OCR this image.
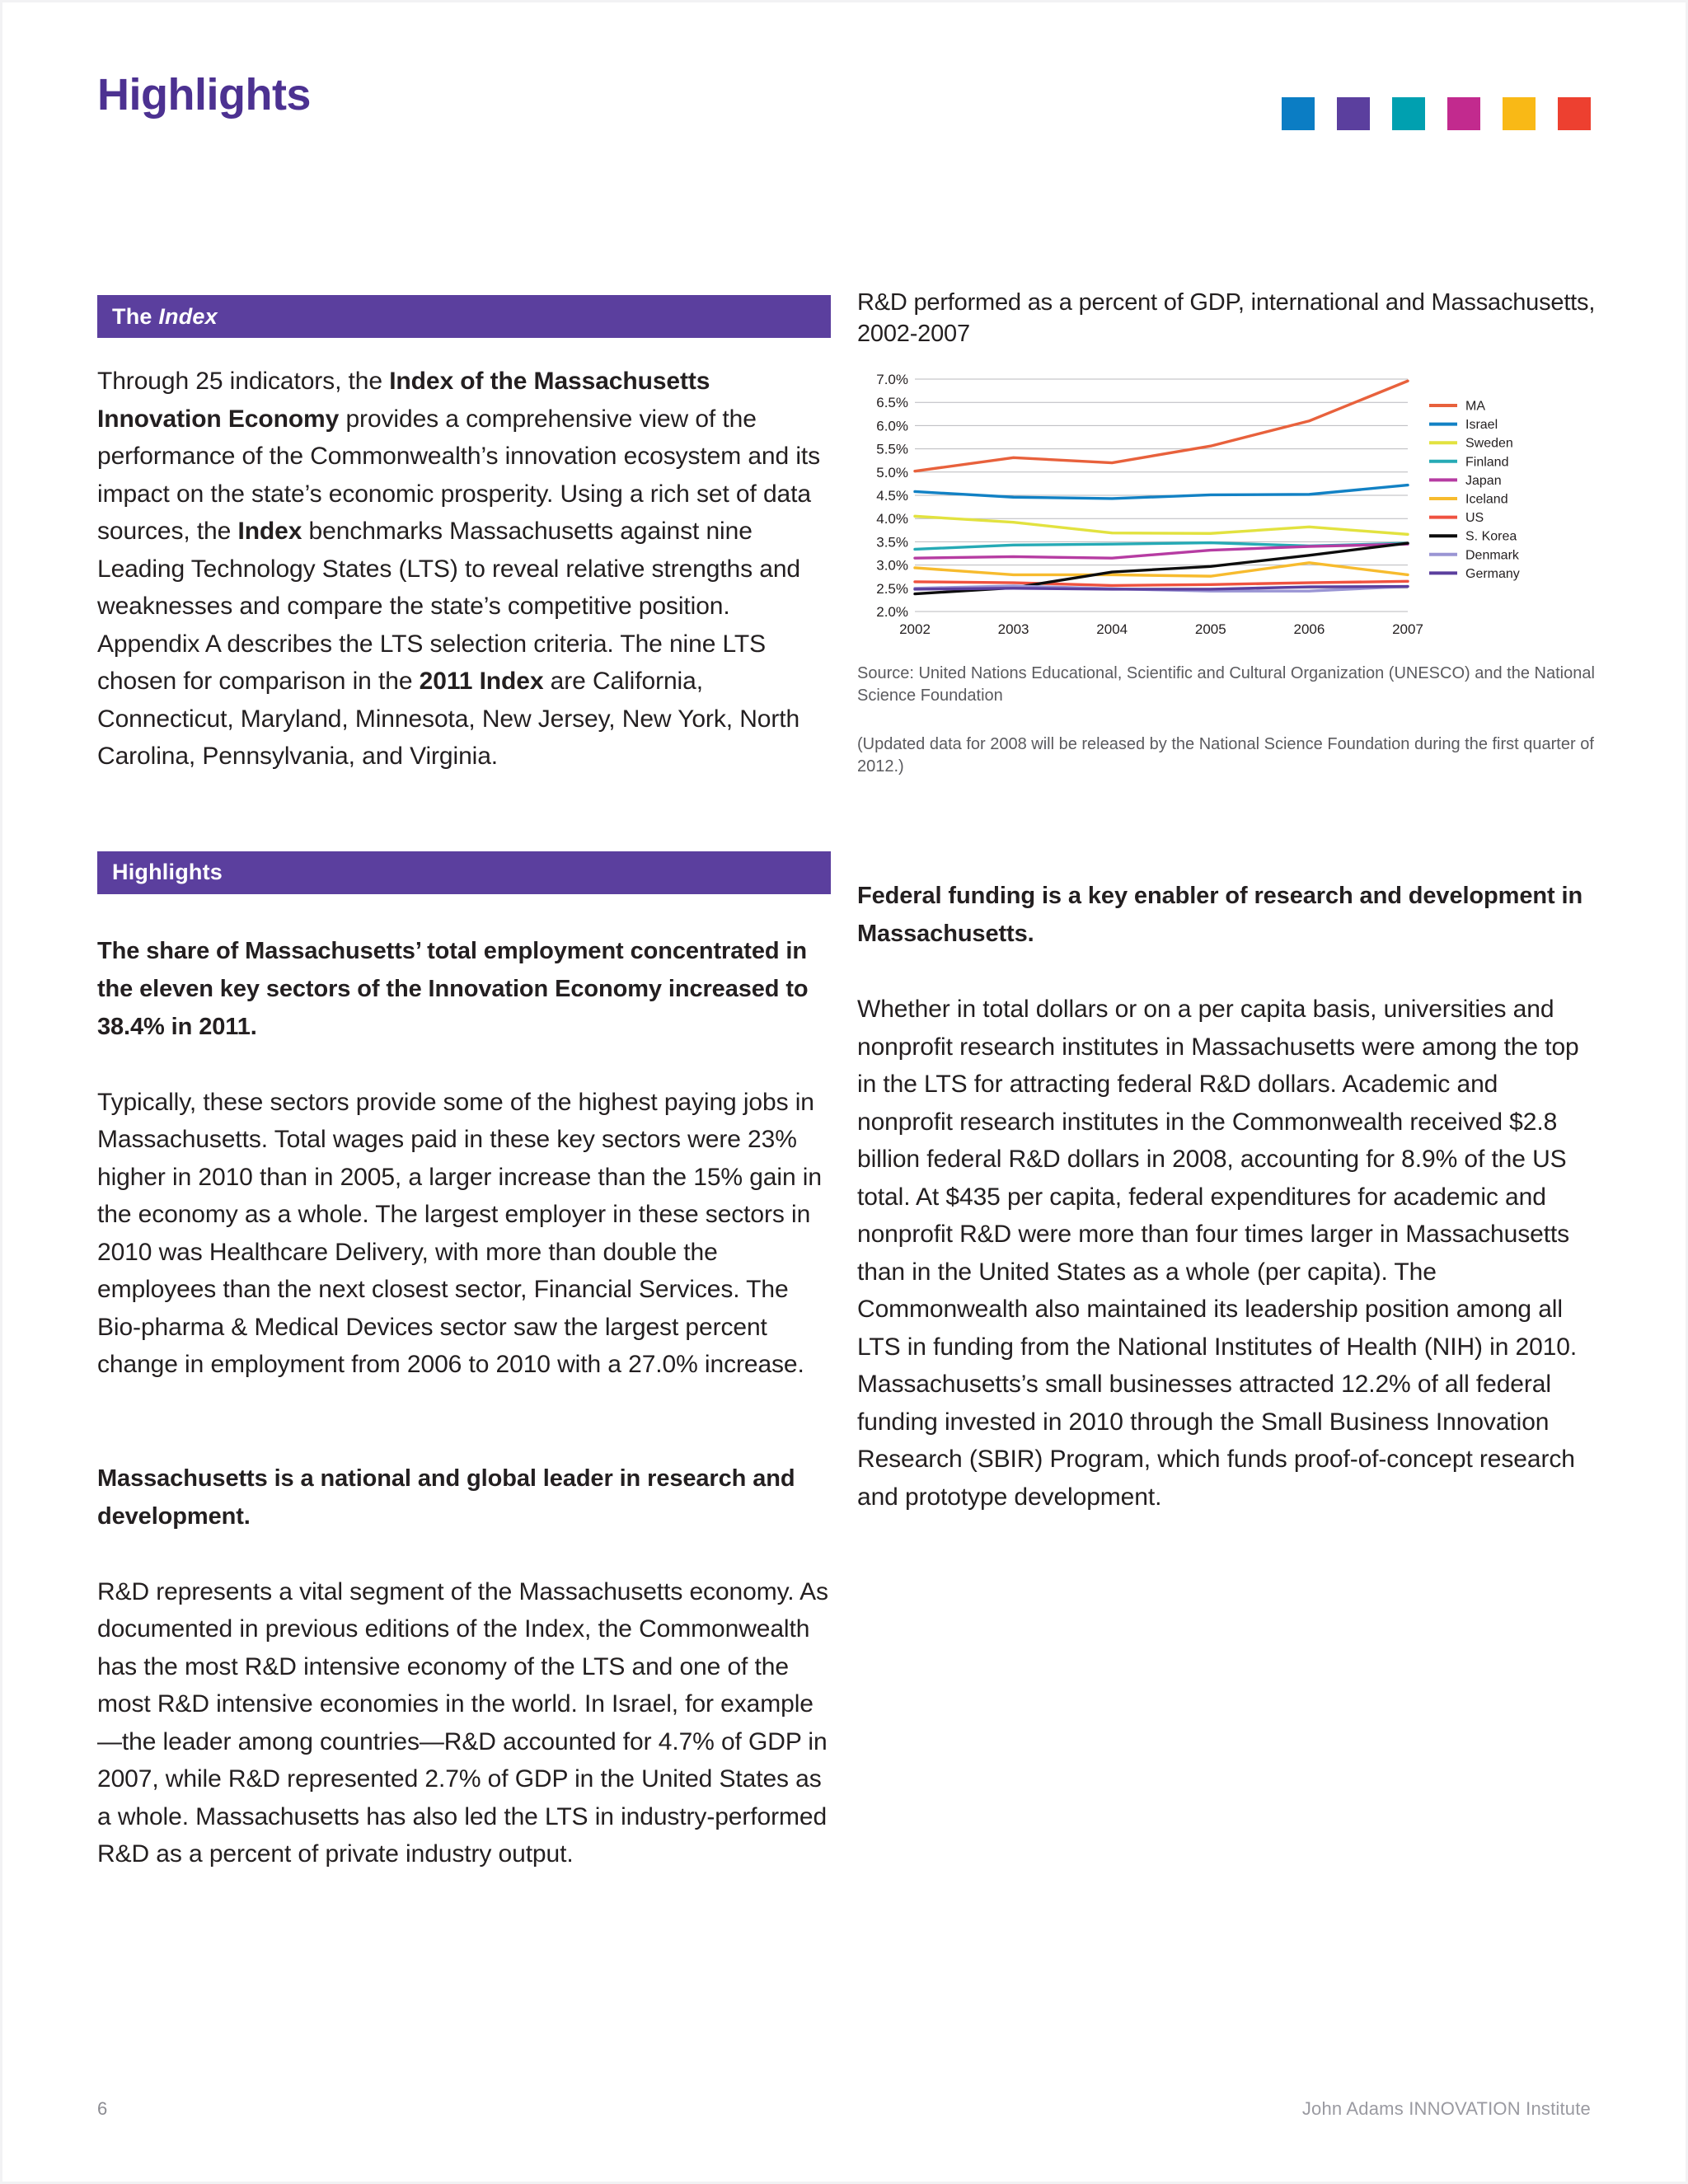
Highlights
The Index

Through 25 indicators, the Index of the Massachusetts Innovation Economy provides a comprehensive view of the performance of the Commonwealth’s innovation ecosystem and its impact on the state’s economic prosperity. Using a rich set of data sources, the Index benchmarks Massachusetts against nine Leading Technology States (LTS) to reveal relative strengths and weaknesses and compare the state’s competitive position. Appendix A describes the LTS selection criteria. The nine LTS chosen for comparison in the 2011 Index are California, Connecticut, Maryland, Minnesota, New Jersey, New York, North Carolina, Pennsylvania, and Virginia.

Highlights

The share of Massachusetts’ total employment concentrated in the eleven key sectors of the Innovation Economy increased to 38.4% in 2011.

Typically, these sectors provide some of the highest paying jobs in Massachusetts. Total wages paid in these key sectors were 23% higher in 2010 than in 2005, a larger increase than the 15% gain in the economy as a whole. The largest employer in these sectors in 2010 was Healthcare Delivery, with more than double the employees than the next closest sector, Financial Services. The Bio-pharma & Medical Devices sector saw the largest percent change in employment from 2006 to 2010 with a 27.0% increase.

Massachusetts is a national and global leader in research and development.

R&D represents a vital segment of the Massachusetts economy. As documented in previous editions of the Index, the Commonwealth has the most R&D intensive economy of the LTS and one of the most R&D intensive economies in the world. In Israel, for example—the leader among countries—R&D accounted for 4.7% of GDP in 2007, while R&D represented 2.7% of GDP in the United States as a whole. Massachusetts has also led the LTS in industry-performed R&D as a percent of private industry output.

R&D performed as a percent of GDP, international and Massachusetts, 2002-2007

7.0%
6.5%
6.0%
5.5%
5.0%
4.5%
4.0%
3.5%
3.0%
2.5%
2.0%
2002	2003	2004	2005	2006	2007
MA
Israel
Sweden
Finland
Japan
Iceland
US
S. Korea
Denmark
Germany

Source: United Nations Educational, Scientific and Cultural Organization (UNESCO) and the National Science Foundation

(Updated data for 2008 will be released by the National Science Foundation during the first quarter of 2012.)

Federal funding is a key enabler of research and development in Massachusetts.

Whether in total dollars or on a per capita basis, universities and nonprofit research institutes in Massachusetts were among the top in the LTS for attracting federal R&D dollars. Academic and nonprofit research institutes in the Commonwealth received $2.8 billion federal R&D dollars in 2008, accounting for 8.9% of the US total. At $435 per capita, federal expenditures for academic and nonprofit R&D were more than four times larger in Massachusetts than in the United States as a whole (per capita). The Commonwealth also maintained its leadership position among all LTS in funding from the National Institutes of Health (NIH) in 2010. Massachusetts’s small businesses attracted 12.2% of all federal funding invested in 2010 through the Small Business Innovation Research (SBIR) Program, which funds proof-of-concept research and prototype development.

6	John Adams INNOVATION Institute
